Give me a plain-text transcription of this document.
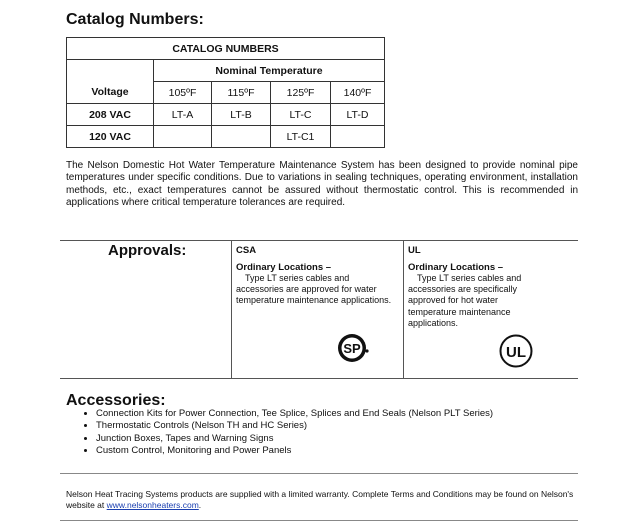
Catalog Numbers:
CATALOG NUMBERS				
	Nominal Temperature			
Voltage	105ºF	115ºF	125ºF	140ºF
208 VAC	LT-A	LT-B	LT-C	LT-D
120 VAC			LT-C1	
The Nelson Domestic Hot Water Temperature Maintenance System has been designed to provide nominal pipe temperatures under specific conditions. Due to variations in sealing techniques, operating environment, installation methods, etc., exact temperatures cannot be assured without thermostatic control. This is recommended in applications where critical temperature tolerances are required.
Approvals:	CSA
Ordinary Locations –
Type LT series cables and accessories are approved for water temperature maintenance applications.
SP
UL
Ordinary Locations –
Type LT series cables and accessories are specifically approved for hot water temperature maintenance applications.
UL
Accessories:
• Connection Kits for Power Connection, Tee Splice, Splices and End Seals (Nelson PLT Series)
• Thermostatic Controls (Nelson TH and HC Series)
• Junction Boxes, Tapes and Warning Signs
• Custom Control, Monitoring and Power Panels
Nelson Heat Tracing Systems products are supplied with a limited warranty. Complete Terms and Conditions may be found on Nelson's website at www.nelsonheaters.com.
